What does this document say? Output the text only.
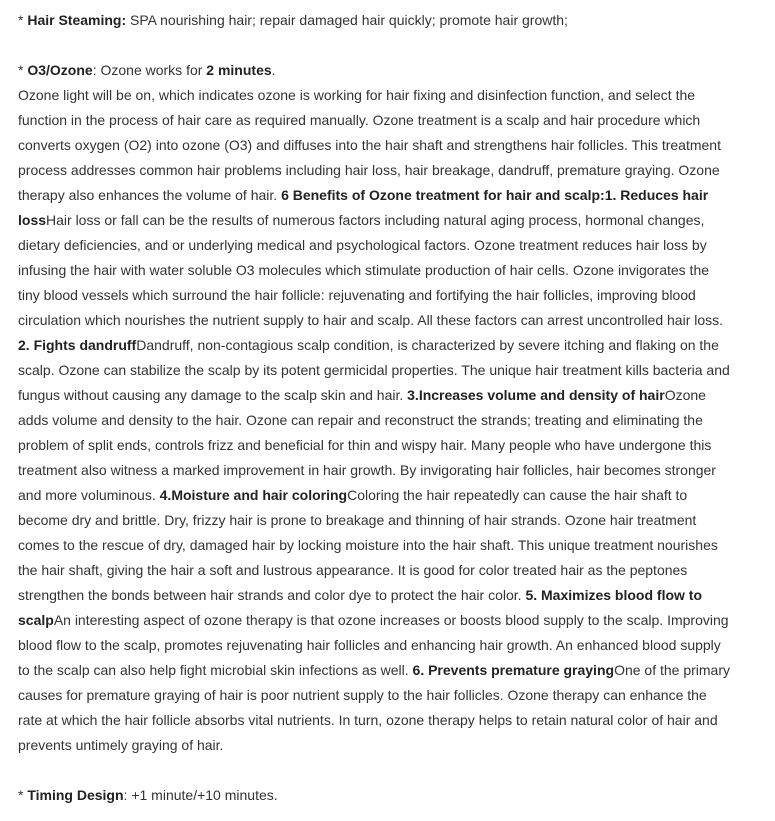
* Hair Steaming: SPA nourishing hair; repair damaged hair quickly; promote hair growth;

* O3/Ozone: Ozone works for 2 minutes.

Ozone light will be on, which indicates ozone is working for hair fixing and disinfection function, and select the function in the process of hair care as required manually. Ozone treatment is a scalp and hair procedure which converts oxygen (O2) into ozone (O3) and diffuses into the hair shaft and strengthens hair follicles. This treatment process addresses common hair problems including hair loss, hair breakage, dandruff, premature graying. Ozone therapy also enhances the volume of hair. 6 Benefits of Ozone treatment for hair and scalp:1. Reduces hair lossHair loss or fall can be the results of numerous factors including natural aging process, hormonal changes, dietary deficiencies, and or underlying medical and psychological factors. Ozone treatment reduces hair loss by infusing the hair with water soluble O3 molecules which stimulate production of hair cells. Ozone invigorates the tiny blood vessels which surround the hair follicle: rejuvenating and fortifying the hair follicles, improving blood circulation which nourishes the nutrient supply to hair and scalp. All these factors can arrest uncontrolled hair loss. 2. Fights dandruffDandruff, non-contagious scalp condition, is characterized by severe itching and flaking on the scalp. Ozone can stabilize the scalp by its potent germicidal properties. The unique hair treatment kills bacteria and fungus without causing any damage to the scalp skin and hair. 3.Increases volume and density of hairOzone adds volume and density to the hair. Ozone can repair and reconstruct the strands; treating and eliminating the problem of split ends, controls frizz and beneficial for thin and wispy hair. Many people who have undergone this treatment also witness a marked improvement in hair growth. By invigorating hair follicles, hair becomes stronger and more voluminous. 4.Moisture and hair coloringColoring the hair repeatedly can cause the hair shaft to become dry and brittle. Dry, frizzy hair is prone to breakage and thinning of hair strands. Ozone hair treatment comes to the rescue of dry, damaged hair by locking moisture into the hair shaft. This unique treatment nourishes the hair shaft, giving the hair a soft and lustrous appearance. It is good for color treated hair as the peptones strengthen the bonds between hair strands and color dye to protect the hair color. 5. Maximizes blood flow to scalpAn interesting aspect of ozone therapy is that ozone increases or boosts blood supply to the scalp. Improving blood flow to the scalp, promotes rejuvenating hair follicles and enhancing hair growth. An enhanced blood supply to the scalp can also help fight microbial skin infections as well. 6. Prevents premature grayingOne of the primary causes for premature graying of hair is poor nutrient supply to the hair follicles. Ozone therapy can enhance the rate at which the hair follicle absorbs vital nutrients. In turn, ozone therapy helps to retain natural color of hair and prevents untimely graying of hair.

* Timing Design: +1 minute/+10 minutes.
